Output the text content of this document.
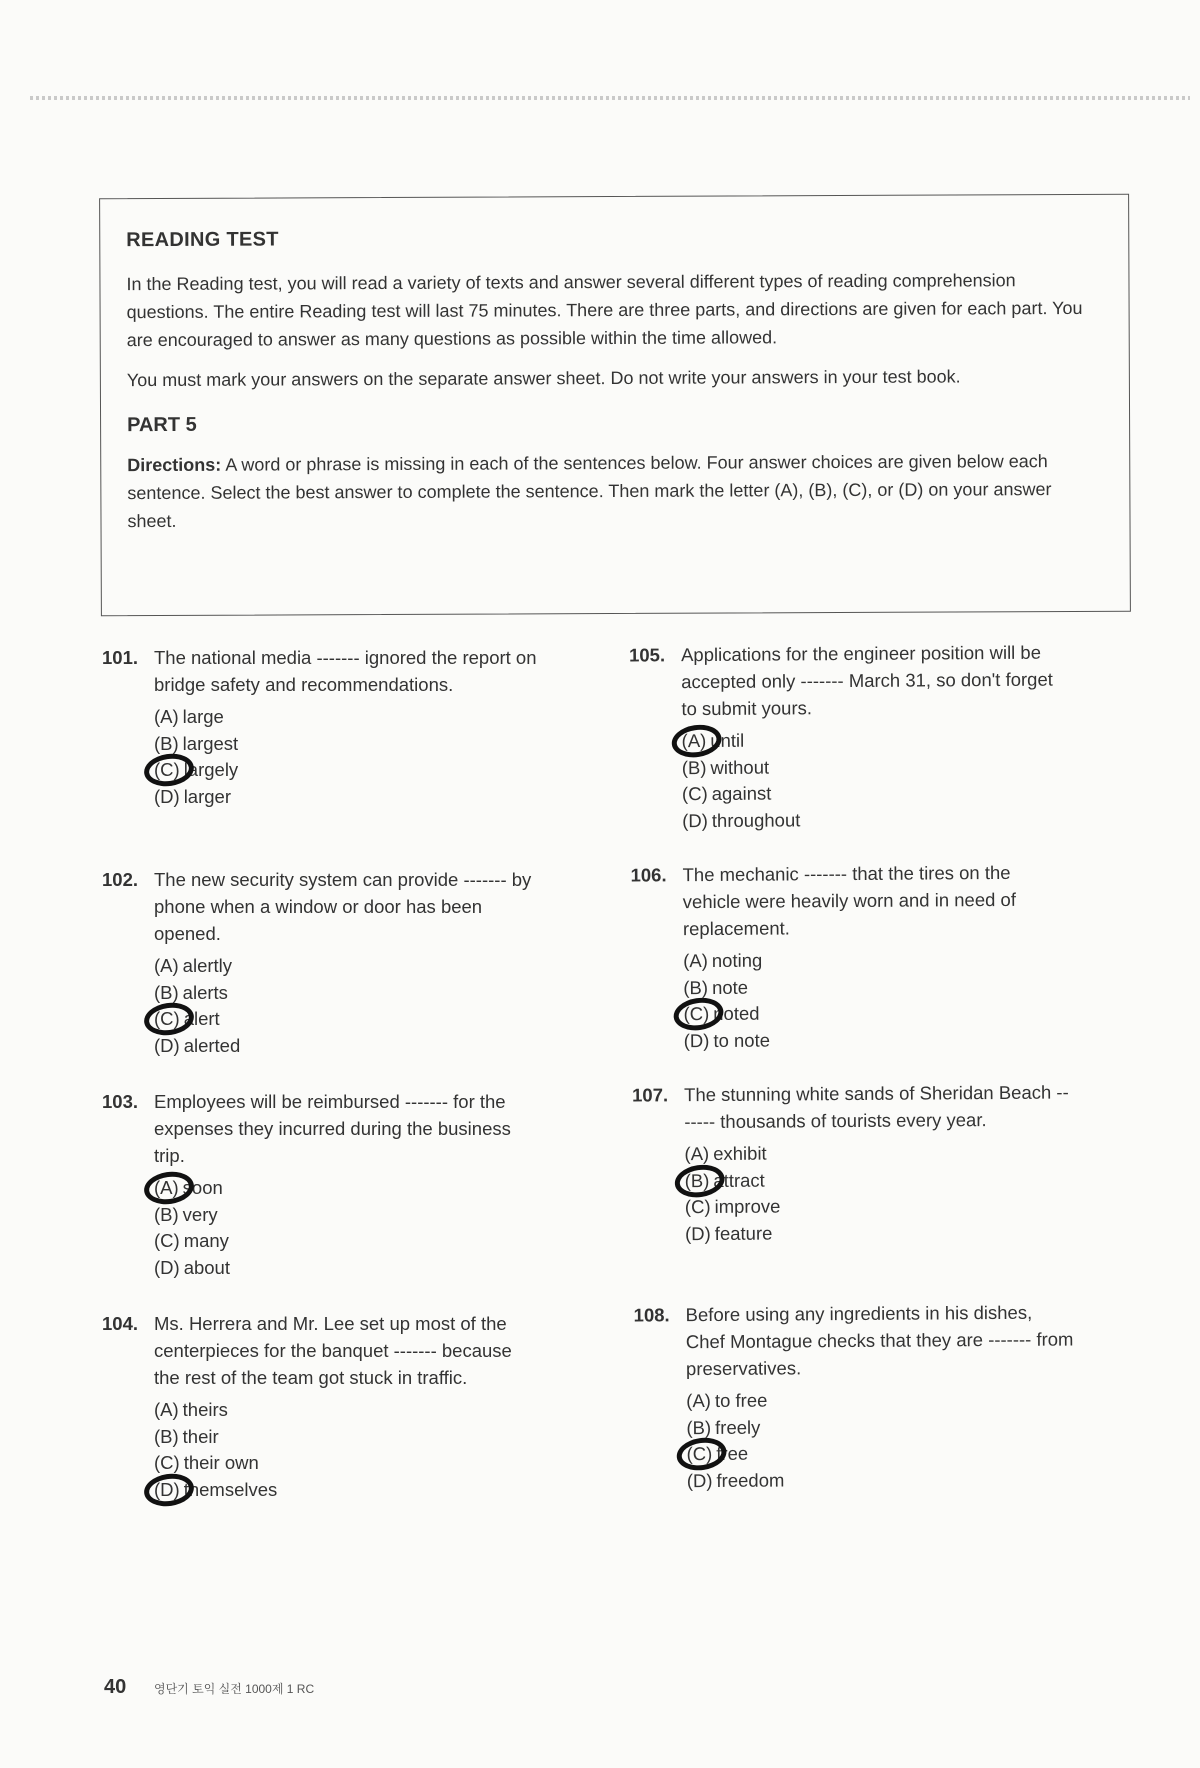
READING TEST

In the Reading test, you will read a variety of texts and answer several different types of reading comprehension questions. The entire Reading test will last 75 minutes. There are three parts, and directions are given for each part. You are encouraged to answer as many questions as possible within the time allowed.

You must mark your answers on the separate answer sheet. Do not write your answers in your test book.

PART 5

Directions: A word or phrase is missing in each of the sentences below. Four answer choices are given below each sentence. Select the best answer to complete the sentence. Then mark the letter (A), (B), (C), or (D) on your answer sheet.

101. The national media ------- ignored the report on bridge safety and recommendations.
(A) large
(B) largest
(C) largely
(D) larger
102. The new security system can provide ------- by phone when a window or door has been opened.
(A) alertly
(B) alerts
(C) alert
(D) alerted
103. Employees will be reimbursed ------- for the expenses they incurred during the business trip.
(A) soon
(B) very
(C) many
(D) about
104. Ms. Herrera and Mr. Lee set up most of the centerpieces for the banquet ------- because the rest of the team got stuck in traffic.
(A) theirs
(B) their
(C) their own
(D) themselves
105. Applications for the engineer position will be accepted only ------- March 31, so don't forget to submit yours.
(A) until
(B) without
(C) against
(D) throughout
106. The mechanic ------- that the tires on the vehicle were heavily worn and in need of replacement.
(A) noting
(B) note
(C) noted
(D) to note
107. The stunning white sands of Sheridan Beach ------- thousands of tourists every year.
(A) exhibit
(B) attract
(C) improve
(D) feature
108. Before using any ingredients in his dishes, Chef Montague checks that they are ------- from preservatives.
(A) to free
(B) freely
(C) free
(D) freedom
40 영단기 토익 실전 1000제 1 RC
